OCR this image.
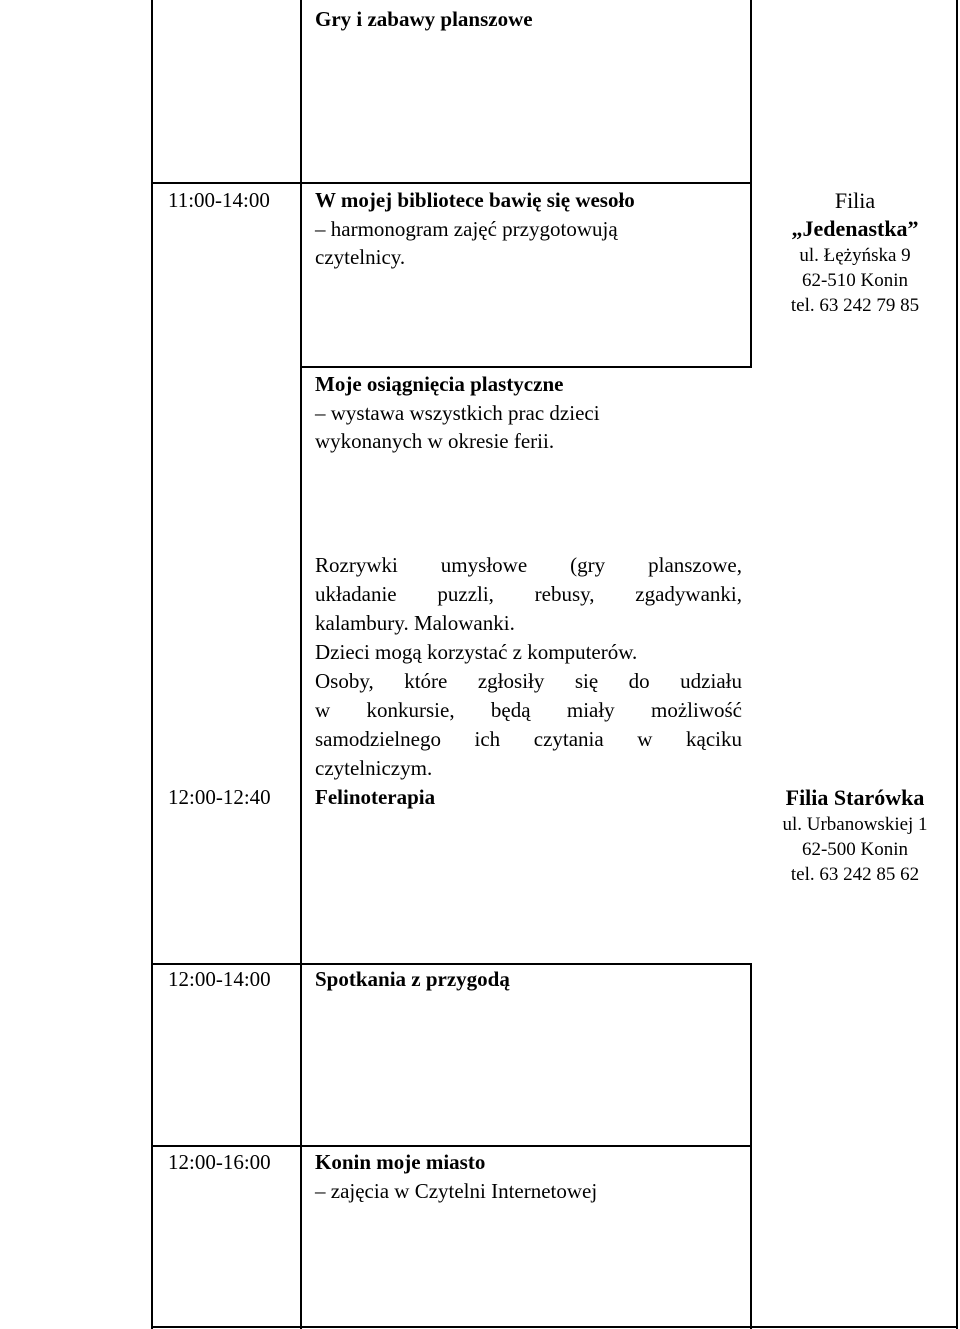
Gry i zabawy planszowe
11:00-14:00 W mojej bibliotece bawię się wesoło
– harmonogram zajęć przygotowują
czytelnicy.
Moje osiągnięcia plastyczne
– wystawa wszystkich prac dzieci
wykonanych w okresie ferii.
Rozrywki umysłowe (gry planszowe,
układanie puzzli, rebusy, zgadywanki,
kalambury. Malowanki.
Dzieci mogą korzystać z komputerów.
Osoby, które zgłosiły się do udziału
w konkursie, będą miały możliwość
samodzielnego ich czytania w kąciku
czytelniczym.
12:00-12:40 Felinoterapia
12:00-14:00 Spotkania z przygodą
12:00-16:00 Konin moje miasto
– zajęcia w Czytelni Internetowej
Filia
„Jedenastka”
ul. Łężyńska 9
62-510 Konin
tel. 63 242 79 85
Filia Starówka
ul. Urbanowskiej 1
62-500 Konin
tel. 63 242 85 62
